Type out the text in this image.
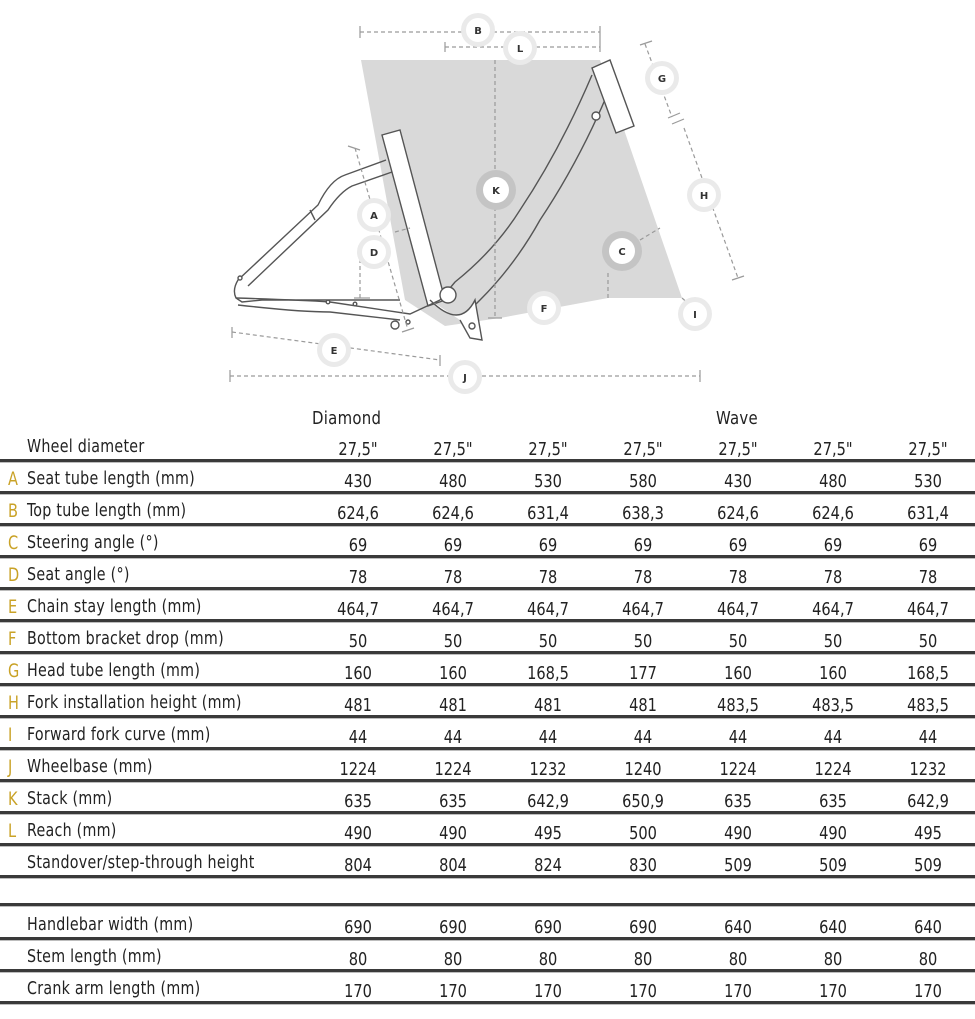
B
L
G
K	H
A
D	C
F
I
E
J
Diamond	Wave
Wheel diameter	27,5"	27,5"	27,5"	27,5"	27,5"	27,5"	27,5"
A Seat tube length (mm)	430	480	530	580	430	480	530
B Top tube length (mm)	624,6	624,6	631,4	638,3	624,6	624,6	631,4
C Steering angle (°)	69	69	69	69	69	69	69
D Seat angle (°)	78	78	78	78	78	78	78
E Chain stay length (mm)	464,7	464,7	464,7	464,7	464,7	464,7	464,7
F Bottom bracket drop (mm)	50	50	50	50	50	50	50
G Head tube length (mm)	160	160	168,5	177	160	160	168,5
H Fork installation height (mm)	481	481	481	481	483,5	483,5	483,5
I Forward fork curve (mm)	44	44	44	44	44	44	44
J Wheelbase (mm)	1224	1224	1232	1240	1224	1224	1232
K Stack (mm)	635	635	642,9	650,9	635	635	642,9
L Reach (mm)	490	490	495	500	490	490	495
Standover/step-through height	804	804	824	830	509	509	509
Handlebar width (mm)	690	690	690	690	640	640	640
Stem length (mm)	80	80	80	80	80	80	80
Crank arm length (mm)	170	170	170	170	170	170	170
